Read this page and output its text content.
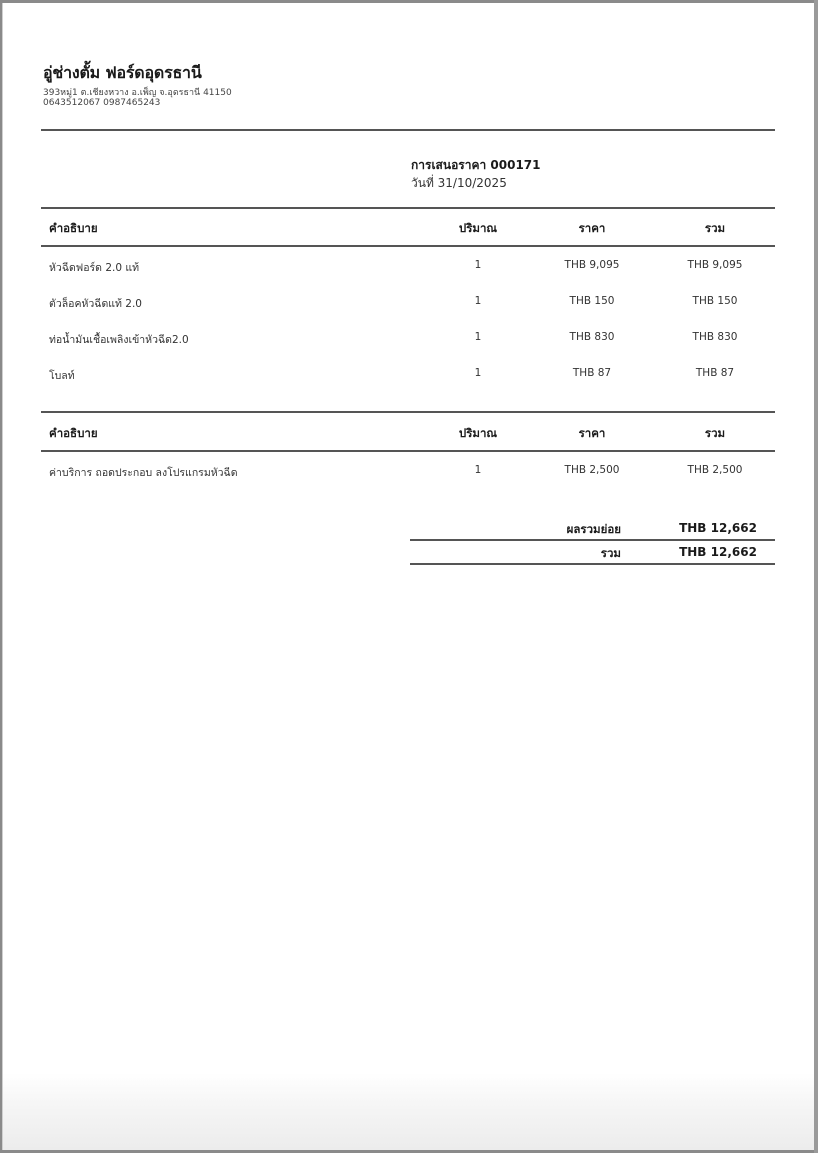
อู่ช่างตั้ม ฟอร์ดอุดรธานี
393หมู่1 ต.เชียงหวาง อ.เพ็ญ จ.อุดรธานี 41150
0643512067 0987465243
การเสนอราคา 000171
วันที่ 31/10/2025
คำอธิบาย	ปริมาณ	ราคา	รวม
หัวฉีดฟอร์ด 2.0 แท้	1	THB 9,095	THB 9,095
ตัวล็อคหัวฉีดแท้ 2.0	1	THB 150	THB 150
ท่อน้ำมันเชื้อเพลิงเข้าหัวฉีด2.0	1	THB 830	THB 830
โบลท์	1	THB 87	THB 87
คำอธิบาย	ปริมาณ	ราคา	รวม
ค่าบริการ ถอดประกอบ ลงโปรแกรมหัวฉีด	1	THB 2,500	THB 2,500
ผลรวมย่อย	THB 12,662
รวม	THB 12,662
